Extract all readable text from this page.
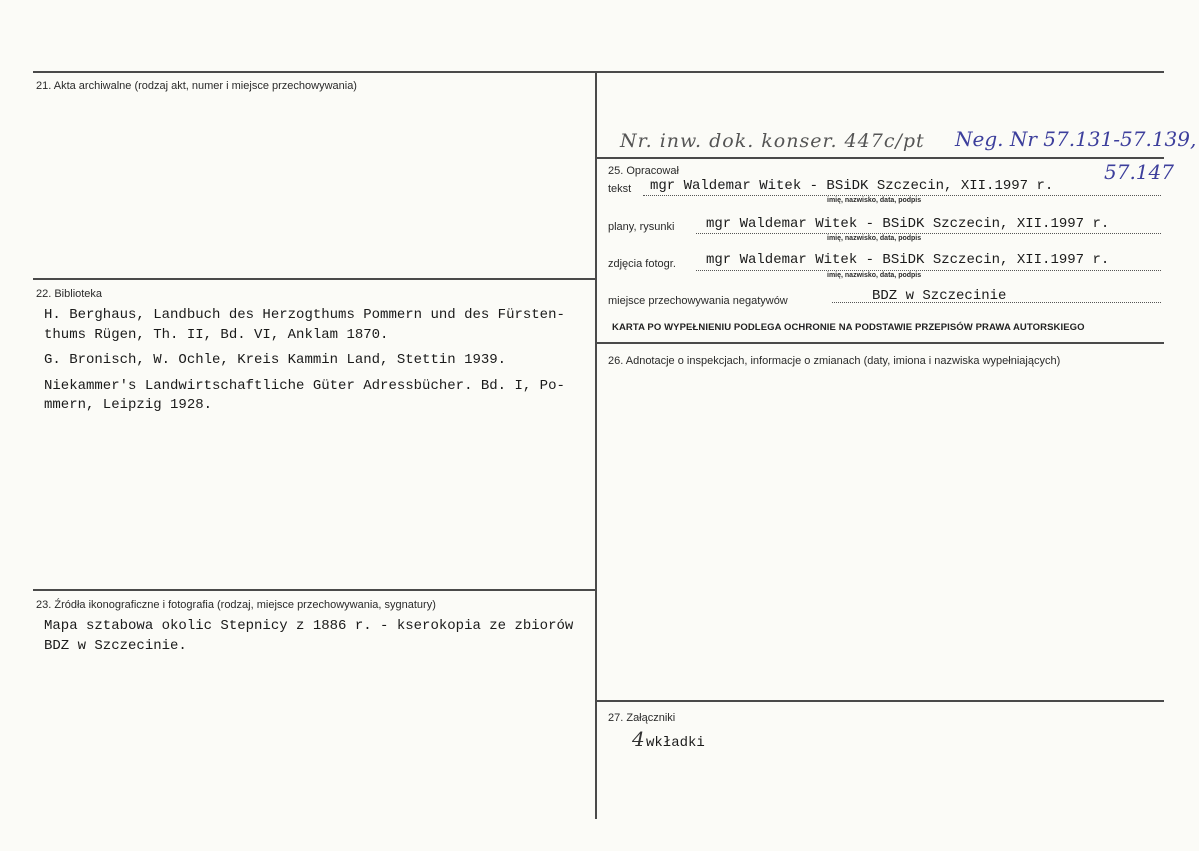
21. Akta archiwalne (rodzaj akt, numer i miejsce przechowywania)
22. Biblioteka
H. Berghaus, Landbuch des Herzogthums Pommern und des Fürsten-
thums Rügen, Th. II, Bd. VI, Anklam 1870.
G. Bronisch, W. Ochle, Kreis Kammin Land, Stettin 1939.
Niekammer's Landwirtschaftliche Güter Adressbücher. Bd. I, Po-
mmern, Leipzig 1928.
23. Źródła ikonograficzne i fotografia (rodzaj, miejsce przechowywania, sygnatury)
Mapa sztabowa okolic Stepnicy z 1886 r. - kserokopia ze zbiorów
BDZ w Szczecinie.
Nr. inw. dok. konser. 447c/pt Neg. Nr 57.131-57.139,
57.147
25. Opracował
tekst mgr Waldemar Witek - BSiDK Szczecin, XII.1997 r.
imię, nazwisko, data, podpis
plany, rysunki mgr Waldemar Witek - BSiDK Szczecin, XII.1997 r.
imię, nazwisko, data, podpis
zdjęcia fotogr. mgr Waldemar Witek - BSiDK Szczecin, XII.1997 r.
imię, nazwisko, data, podpis
miejsce przechowywania negatywów	BDZ w Szczecinie
KARTA PO WYPEŁNIENIU PODLEGA OCHRONIE NA PODSTAWIE PRZEPISÓW PRAWA AUTORSKIEGO
26. Adnotacje o inspekcjach, informacje o zmianach (daty, imiona i nazwiska wypełniających)
27. Załączniki
4 wkładki
